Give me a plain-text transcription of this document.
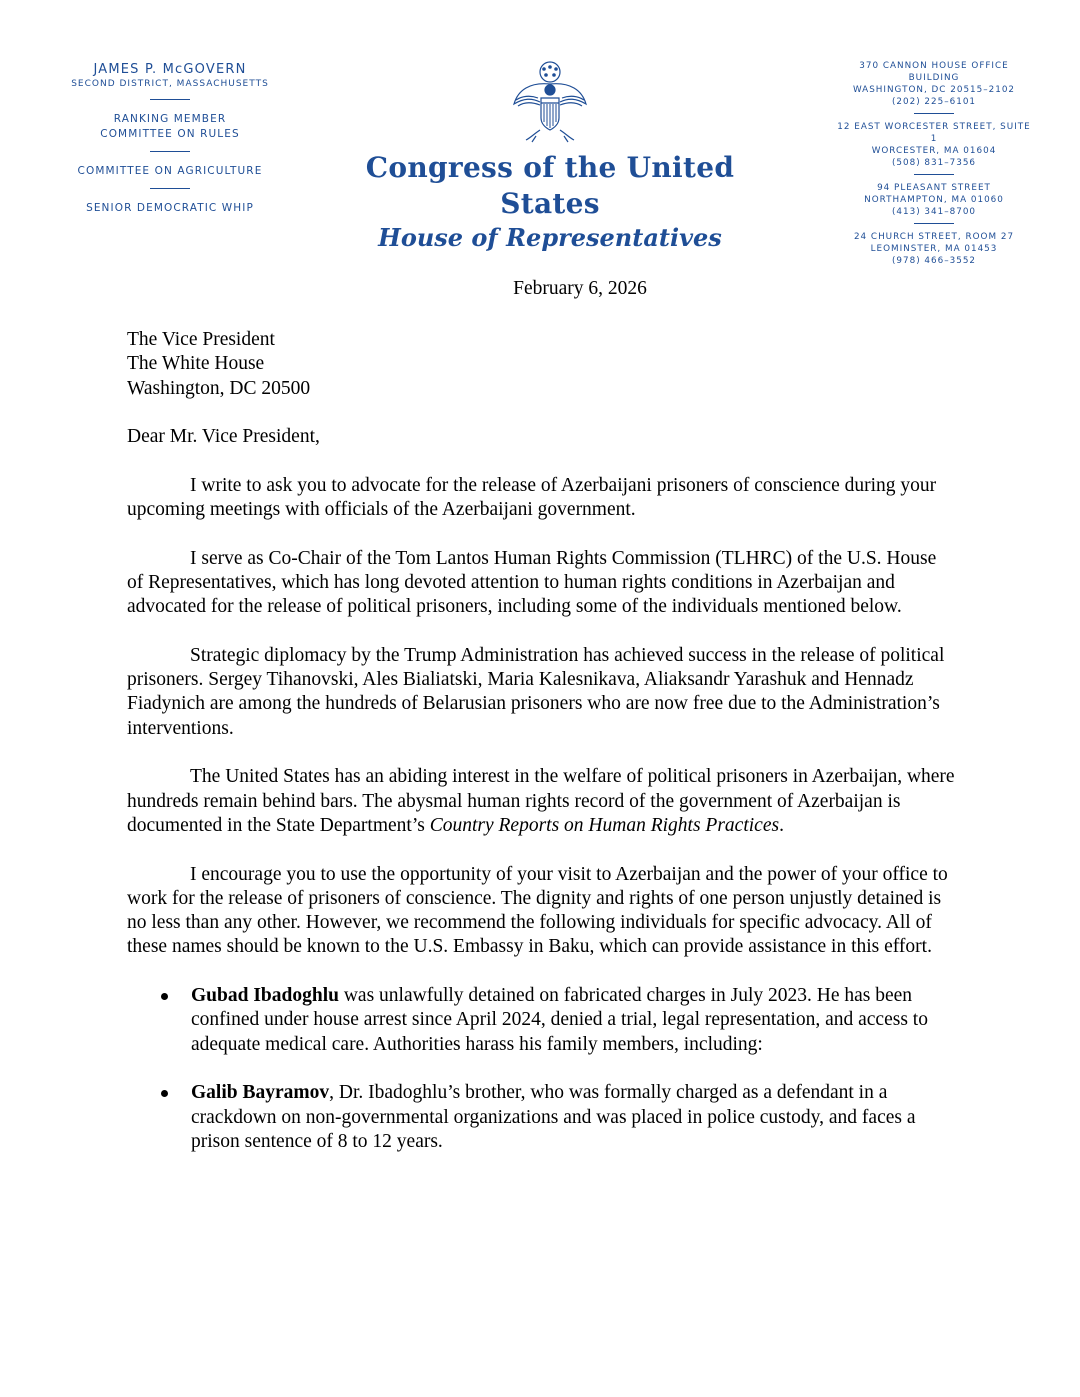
JAMES P. McGOVERN
SECOND DISTRICT, MASSACHUSETTS
RANKING MEMBER
COMMITTEE ON RULES
COMMITTEE ON AGRICULTURE
SENIOR DEMOCRATIC WHIP
Congress of the United States
House of Representatives
370 CANNON HOUSE OFFICE BUILDING
WASHINGTON, DC 20515–2102
(202) 225–6101
12 EAST WORCESTER STREET, SUITE 1
WORCESTER, MA 01604
(508) 831–7356
94 PLEASANT STREET
NORTHAMPTON, MA 01060
(413) 341–8700
24 CHURCH STREET, ROOM 27
LEOMINSTER, MA 01453
(978) 466–3552
February 6, 2026

The Vice President

The White House

Washington, DC 20500

Dear Mr. Vice President,

I write to ask you to advocate for the release of Azerbaijani prisoners of conscience during your upcoming meetings with officials of the Azerbaijani government.

I serve as Co-Chair of the Tom Lantos Human Rights Commission (TLHRC) of the U.S. House of Representatives, which has long devoted attention to human rights conditions in Azerbaijan and advocated for the release of political prisoners, including some of the individuals mentioned below.

Strategic diplomacy by the Trump Administration has achieved success in the release of political prisoners. Sergey Tihanovski, Ales Bialiatski, Maria Kalesnikava, Aliaksandr Yarashuk and Hennadz Fiadynich are among the hundreds of Belarusian prisoners who are now free due to the Administration’s interventions.

The United States has an abiding interest in the welfare of political prisoners in Azerbaijan, where hundreds remain behind bars. The abysmal human rights record of the government of Azerbaijan is documented in the State Department’s Country Reports on Human Rights Practices.

I encourage you to use the opportunity of your visit to Azerbaijan and the power of your office to work for the release of prisoners of conscience. The dignity and rights of one person unjustly detained is no less than any other. However, we recommend the following individuals for specific advocacy. All of these names should be known to the U.S. Embassy in Baku, which can provide assistance in this effort.

Gubad Ibadoghlu was unlawfully detained on fabricated charges in July 2023. He has been confined under house arrest since April 2024, denied a trial, legal representation, and access to adequate medical care. Authorities harass his family members, including:
Galib Bayramov, Dr. Ibadoghlu’s brother, who was formally charged as a defendant in a crackdown on non-governmental organizations and was placed in police custody, and faces a prison sentence of 8 to 12 years.
